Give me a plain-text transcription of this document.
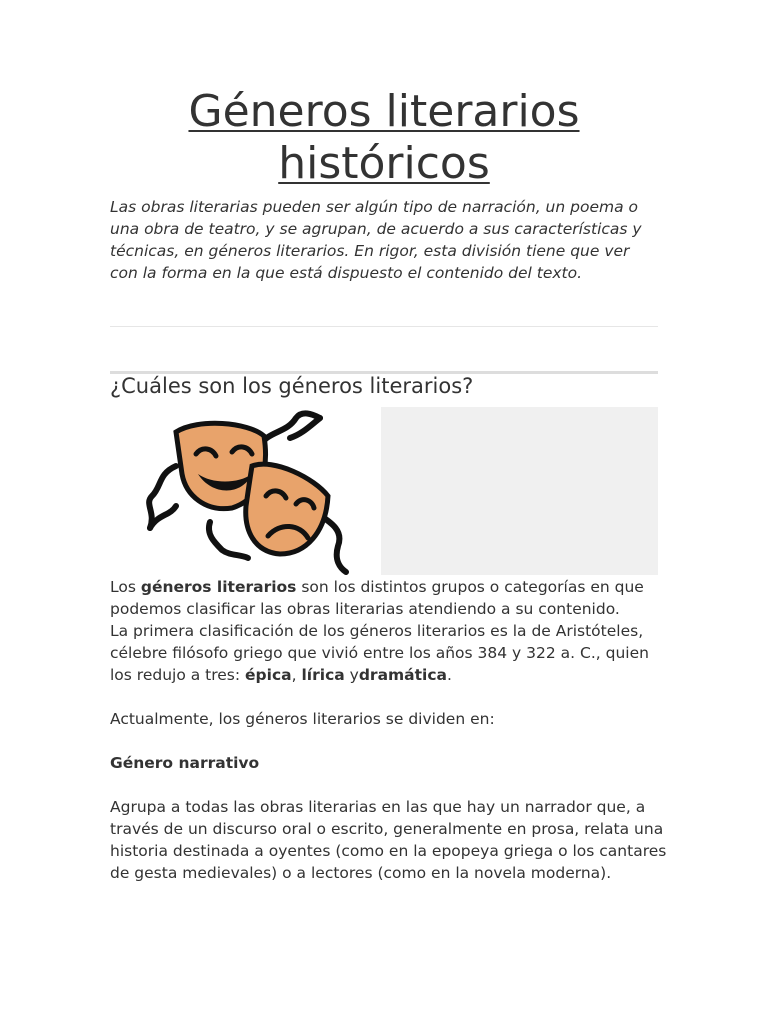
Géneros literarios históricos

Las obras literarias pueden ser algún tipo de narración, un poema o una obra de teatro, y se agrupan, de acuerdo a sus características y técnicas, en géneros literarios. En rigor, esta división tiene que ver con la forma en la que está dispuesto el contenido del texto.

¿Cuáles son los géneros literarios?

Los géneros literarios son los distintos grupos o categorías en que podemos clasificar las obras literarias atendiendo a su contenido.

La primera clasificación de los géneros literarios es la de Aristóteles, célebre filósofo griego que vivió entre los años 384 y 322 a. C., quien los redujo a tres: épica, lírica ydramática.

Actualmente, los géneros literarios se dividen en:

Género narrativo

Agrupa a todas las obras literarias en las que hay un narrador que, a través de un discurso oral o escrito, generalmente en prosa, relata una historia destinada a oyentes (como en la epopeya griega o los cantares de gesta medievales) o a lectores (como en la novela moderna).
